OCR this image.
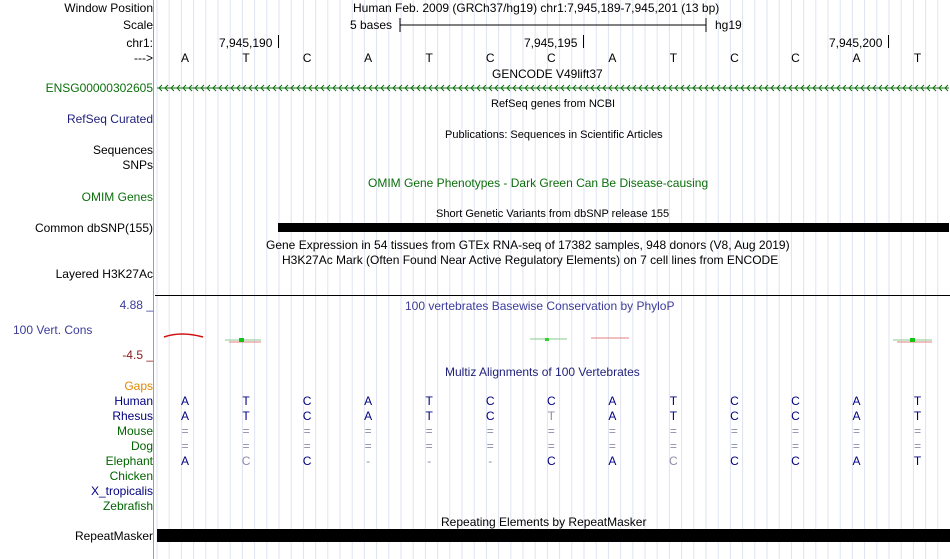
Window Position	Human Feb. 2009 (GRCh37/hg19) chr1:7,945,189-7,945,201 (13 bp)
Scale	5 bases	hg19
chr1:	7,945,190	7,945,195	7,945,200
--->	A	T	C	A	T	C	C	A	T	C	C	A	T
GENCODE V49lift37
ENSG00000302605
RefSeq genes from NCBI
RefSeq Curated
Publications: Sequences in Scientific Articles
Sequences
SNPs
OMIM Gene Phenotypes - Dark Green Can Be Disease-causing
OMIM Genes
Short Genetic Variants from dbSNP release 155
Common dbSNP(155)
Gene Expression in 54 tissues from GTEx RNA-seq of 17382 samples, 948 donors (V8, Aug 2019)
H3K27Ac Mark (Often Found Near Active Regulatory Elements) on 7 cell lines from ENCODE
Layered H3K27Ac
100 vertebrates Basewise Conservation by PhyloP
4.88 _
100 Vert. Cons
-4.5 _
Multiz Alignments of 100 Vertebrates
Gaps
Human	A	T	C	A	T	C	C	A	T	C	C	A	T
Rhesus	A	T	C	A	T	C	T	A	T	C	C	A	T
Mouse	=	=	=	=	=	=	=	=	=	=	=	=	=
Dog	=	=	=	=	=	=	=	=	=	=	=	=	=
Elephant	A	C	C	-	-	-	C	A	C	C	C	A	T
Chicken
X_tropicalis
Zebrafish
Repeating Elements by RepeatMasker
RepeatMasker
